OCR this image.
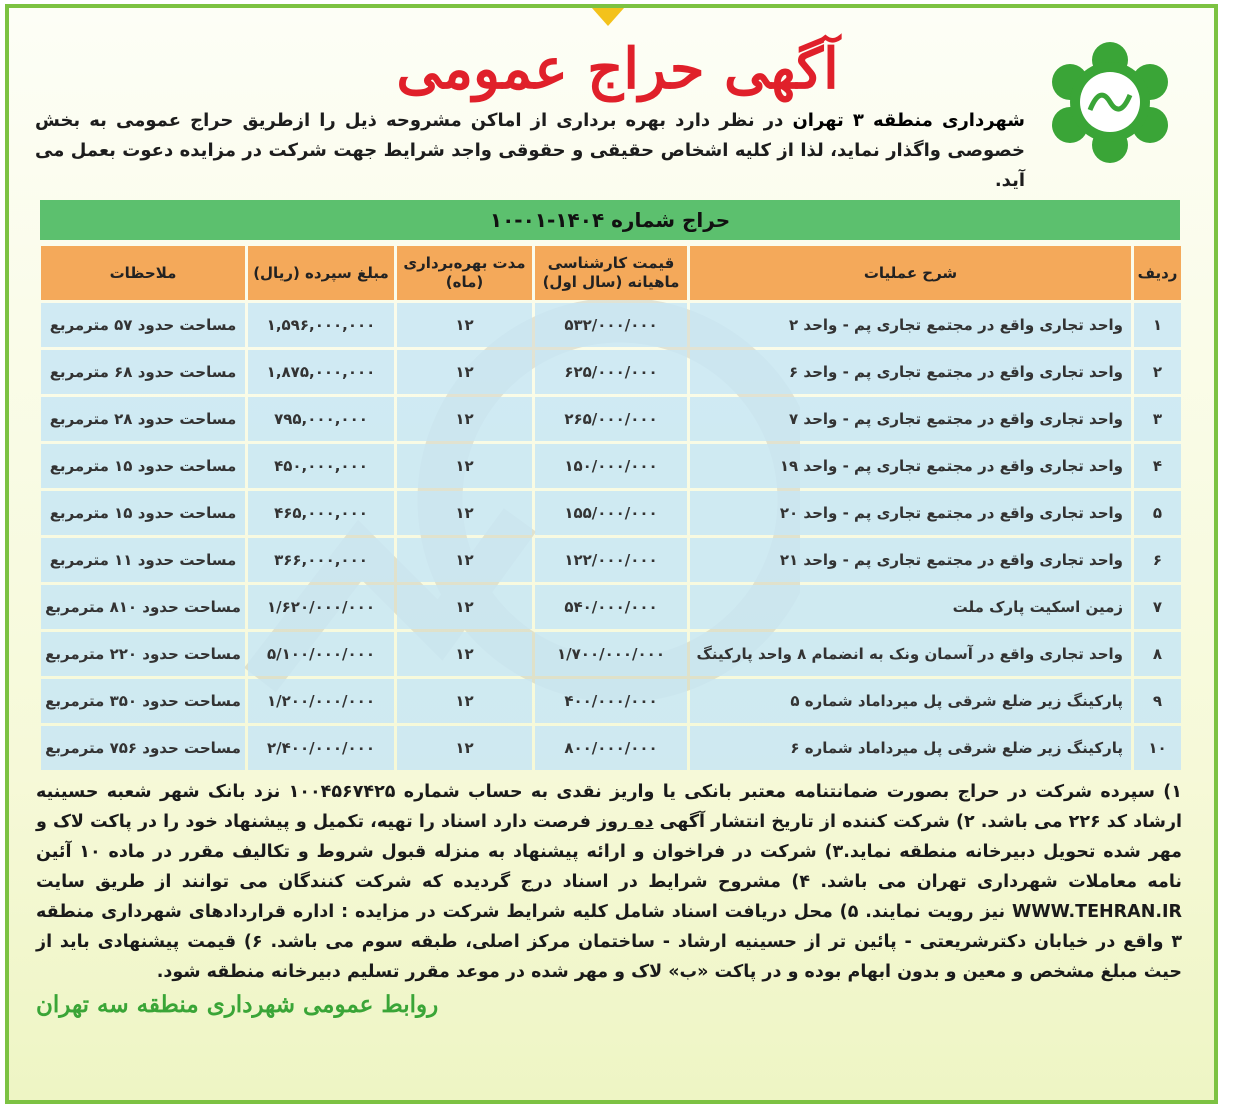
آگهی حراج عمومی

شهرداری منطقه ۳ تهران در نظر دارد بهره برداری از اماکن مشروحه ذیل را ازطریق حراج عمومی به بخش خصوصی واگذار نماید، لذا از کلیه اشخاص حقیقی و حقوقی واجد شرایط جهت شرکت در مزایده دعوت بعمل می آید.

حراج شماره ۱۴۰۴-۰۱-۱۰
ردیف	شرح عملیات	قیمت کارشناسی ماهیانه (سال اول)	مدت بهره‌برداری (ماه)	مبلغ سپرده (ریال)	ملاحظات
۱	واحد تجاری واقع در مجتمع تجاری پم - واحد ۲	۵۳۲/۰۰۰/۰۰۰	۱۲	۱,۵۹۶,۰۰۰,۰۰۰	مساحت حدود ۵۷ مترمربع
۲	واحد تجاری واقع در مجتمع تجاری پم - واحد ۶	۶۲۵/۰۰۰/۰۰۰	۱۲	۱,۸۷۵,۰۰۰,۰۰۰	مساحت حدود ۶۸ مترمربع
۳	واحد تجاری واقع در مجتمع تجاری پم - واحد ۷	۲۶۵/۰۰۰/۰۰۰	۱۲	۷۹۵,۰۰۰,۰۰۰	مساحت حدود ۲۸ مترمربع
۴	واحد تجاری واقع در مجتمع تجاری پم - واحد ۱۹	۱۵۰/۰۰۰/۰۰۰	۱۲	۴۵۰,۰۰۰,۰۰۰	مساحت حدود ۱۵ مترمربع
۵	واحد تجاری واقع در مجتمع تجاری پم - واحد ۲۰	۱۵۵/۰۰۰/۰۰۰	۱۲	۴۶۵,۰۰۰,۰۰۰	مساحت حدود ۱۵ مترمربع
۶	واحد تجاری واقع در مجتمع تجاری پم - واحد ۲۱	۱۲۲/۰۰۰/۰۰۰	۱۲	۳۶۶,۰۰۰,۰۰۰	مساحت حدود ۱۱ مترمربع
۷	زمین اسکیت پارک ملت	۵۴۰/۰۰۰/۰۰۰	۱۲	۱/۶۲۰/۰۰۰/۰۰۰	مساحت حدود ۸۱۰ مترمربع
۸	واحد تجاری واقع در آسمان ونک به انضمام ۸ واحد پارکینگ	۱/۷۰۰/۰۰۰/۰۰۰	۱۲	۵/۱۰۰/۰۰۰/۰۰۰	مساحت حدود ۲۲۰ مترمربع
۹	پارکینگ زیر ضلع شرقی پل میرداماد شماره ۵	۴۰۰/۰۰۰/۰۰۰	۱۲	۱/۲۰۰/۰۰۰/۰۰۰	مساحت حدود ۳۵۰ مترمربع
۱۰	پارکینگ زیر ضلع شرقی پل میرداماد شماره ۶	۸۰۰/۰۰۰/۰۰۰	۱۲	۲/۴۰۰/۰۰۰/۰۰۰	مساحت حدود ۷۵۶ مترمربع

۱) سپرده شرکت در حراج بصورت ضمانتنامه معتبر بانکی یا واریز نقدی به حساب شماره ۱۰۰۴۵۶۷۴۲۵ نزد بانک شهر شعبه حسینیه ارشاد کد ۲۲۶ می باشد. ۲) شرکت کننده از تاریخ انتشار آگهی ده روز فرصت دارد اسناد را تهیه، تکمیل و پیشنهاد خود را در پاکت لاک و مهر شده تحویل دبیرخانه منطقه نماید.۳) شرکت در فراخوان و ارائه پیشنهاد به منزله قبول شروط و تکالیف مقرر در ماده ۱۰ آئین نامه معاملات شهرداری تهران می باشد. ۴) مشروح شرایط در اسناد درج گردیده که شرکت کنندگان می توانند از طریق سایت WWW.TEHRAN.IR نیز رویت نمایند. ۵) محل دریافت اسناد شامل کلیه شرایط شرکت در مزایده : اداره قراردادهای شهرداری منطقه ۳ واقع در خیابان دکترشریعتی - پائین تر از حسینیه ارشاد - ساختمان مرکز اصلی، طبقه سوم می باشد. ۶) قیمت پیشنهادی باید از حیث مبلغ مشخص و معین و بدون ابهام بوده و در پاکت «ب» لاک و مهر شده در موعد مقرر تسلیم دبیرخانه منطقه شود.

روابط عمومی شهرداری منطقه سه تهران
